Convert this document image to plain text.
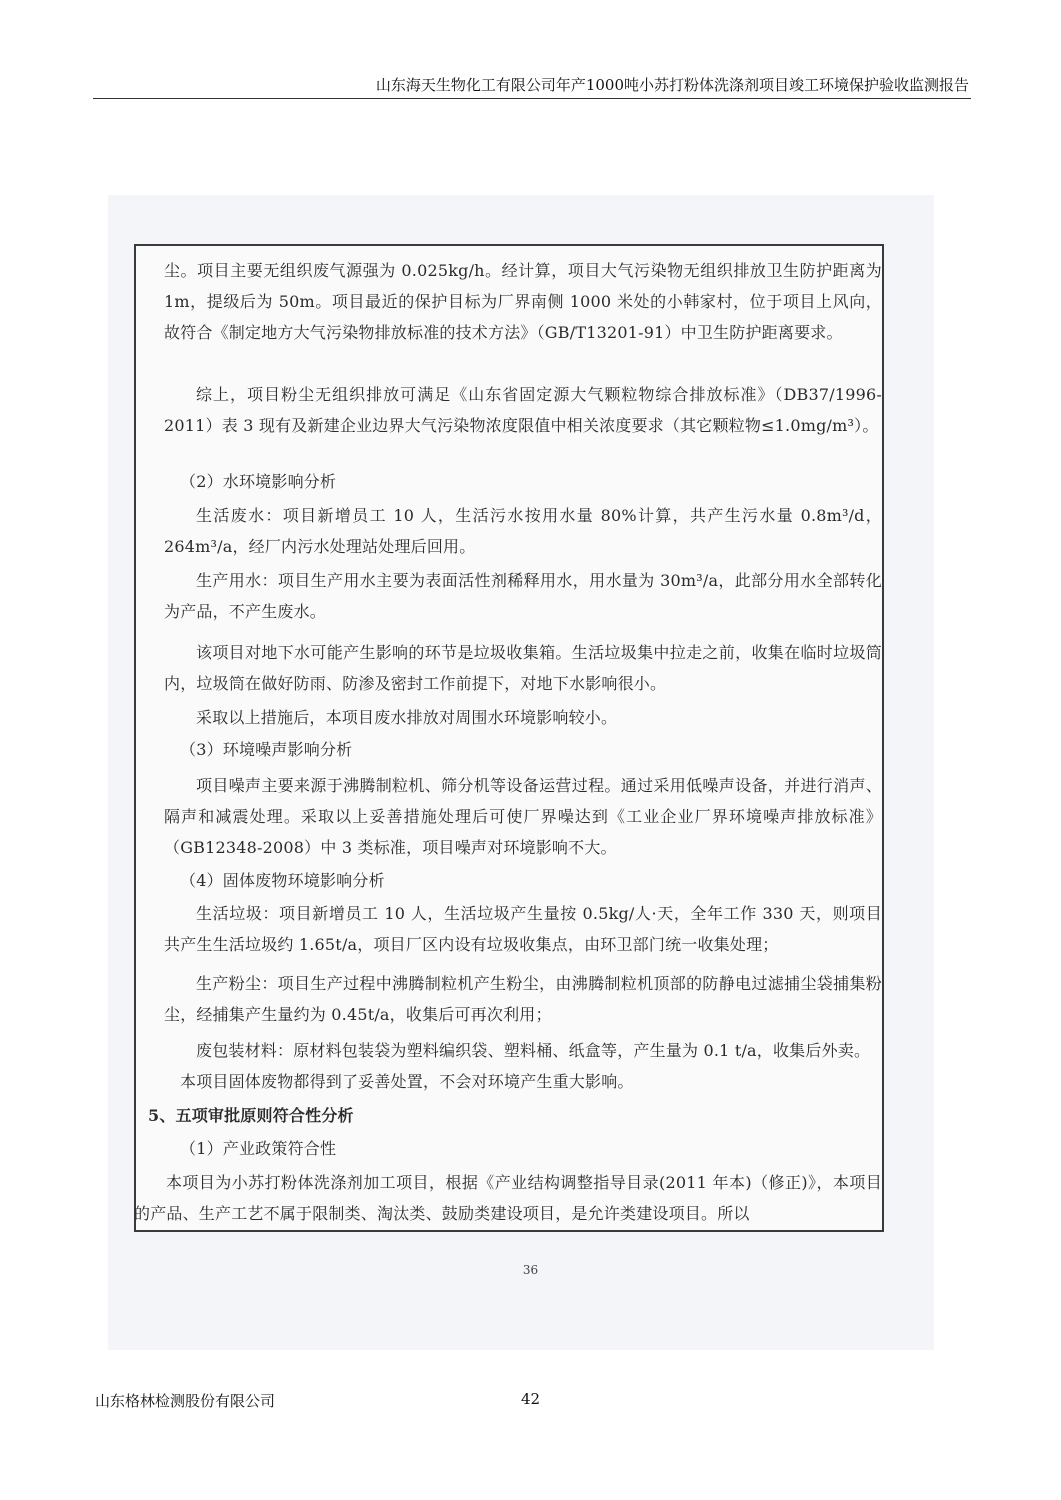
山东海天生物化工有限公司年产1000吨小苏打粉体洗涤剂项目竣工环境保护验收监测报告
尘。项目主要无组织废气源强为 0.025kg/h。经计算，项目大气污染物无组织排放卫生防护距离为 1m，提级后为 50m。项目最近的保护目标为厂界南侧 1000 米处的小韩家村，位于项目上风向，故符合《制定地方大气污染物排放标准的技术方法》（GB/T13201-91）中卫生防护距离要求。
综上，项目粉尘无组织排放可满足《山东省固定源大气颗粒物综合排放标准》（DB37/1996-2011）表 3 现有及新建企业边界大气污染物浓度限值中相关浓度要求（其它颗粒物≤1.0mg/m³）。
（2）水环境影响分析
生活废水：项目新增员工 10 人，生活污水按用水量 80%计算，共产生污水量 0.8m³/d，264m³/a，经厂内污水处理站处理后回用。
生产用水：项目生产用水主要为表面活性剂稀释用水，用水量为 30m³/a，此部分用水全部转化为产品，不产生废水。
该项目对地下水可能产生影响的环节是垃圾收集箱。生活垃圾集中拉走之前，收集在临时垃圾筒内，垃圾筒在做好防雨、防渗及密封工作前提下，对地下水影响很小。
采取以上措施后，本项目废水排放对周围水环境影响较小。
（3）环境噪声影响分析
项目噪声主要来源于沸腾制粒机、筛分机等设备运营过程。通过采用低噪声设备，并进行消声、隔声和减震处理。采取以上妥善措施处理后可使厂界噪达到《工业企业厂界环境噪声排放标准》（GB12348-2008）中 3 类标准，项目噪声对环境影响不大。
（4）固体废物环境影响分析
生活垃圾：项目新增员工 10 人，生活垃圾产生量按 0.5kg/人·天，全年工作 330 天，则项目共产生生活垃圾约 1.65t/a，项目厂区内设有垃圾收集点，由环卫部门统一收集处理；
生产粉尘：项目生产过程中沸腾制粒机产生粉尘，由沸腾制粒机顶部的防静电过滤捕尘袋捕集粉尘，经捕集产生量约为 0.45t/a，收集后可再次利用；
废包装材料：原材料包装袋为塑料编织袋、塑料桶、纸盒等，产生量为 0.1 t/a，收集后外卖。
本项目固体废物都得到了妥善处置，不会对环境产生重大影响。
5、五项审批原则符合性分析
（1）产业政策符合性
本项目为小苏打粉体洗涤剂加工项目，根据《产业结构调整指导目录(2011 年本)（修正)》，本项目的产品、生产工艺不属于限制类、淘汰类、鼓励类建设项目，是允许类建设项目。所以
36
山东格林检测股份有限公司	42
